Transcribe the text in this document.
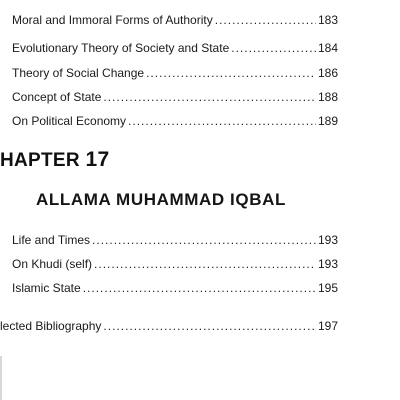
Moral and Immoral Forms of Authority .....	183
Evolutionary Theory of Society and State .....	184
Theory of Social Change .....	186
Concept of State .....	188
On Political Economy .....	189
HAPTER 17
ALLAMA MUHAMMAD IQBAL
Life and Times .....	193
On Khudi (self) .....	193
Islamic State .....	195
lected Bibliography .....	197
